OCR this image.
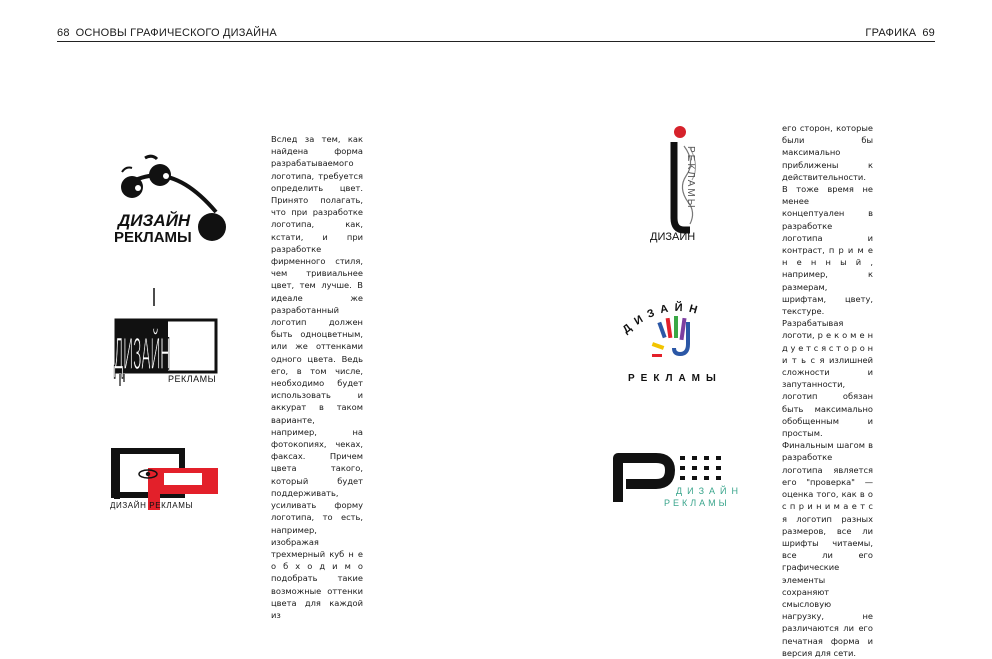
68 ОСНОВЫ ГРАФИЧЕСКОГО ДИЗАЙНА	ГРАФИКА 69
ДИЗАЙН
РЕКЛАМЫ
ДИЗАЙН
РЕКЛАМЫ
ДИЗАЙН РЕКЛАМЫ
РЕКЛАМЫ
ДИЗАЙН
ДИЗАЙН
РЕКЛАМЫ
ДИЗАЙН
РЕКЛАМЫ

Вслед за тем, как найдена форма разрабатываемого логотипа, требуется определить цвет. Принято полагать, что при разработке логотипа, как, кстати, и при разработке фирменного стиля, чем тривиальнее цвет, тем лучше. В идеале же разработанный логотип должен быть одноцветным, или же оттенками одного цвета. Ведь его, в том числе, необходимо будет использовать и аккурат в таком варианте, например, на фотокопиях, чеках, факсах. Причем цвета такого, который будет поддерживать, усиливать форму логотипа, то есть, например, изображая трехмерный куб н е о б х о д и м о подобрать такие возможные оттенки цвета для каждой из

его сторон, которые были бы максимально приближены к действительности. В тоже время не менее концептуален в разработке логотипа и контраст, п р и м е н е н н ы й , например, к размерам, шрифтам, цвету, текстуре. Разрабатывая логоти, р е к о м е н д у е т с я с т о р о н и т ь с я излишней сложности и запутанности, логотип обязан быть максимально обобщенным и простым. Финальным шагом в разработке логотипа является его "проверка" — оценка того, как в о с п р и н и м а е т с я логотип разных размеров, все ли шрифты читаемы, все ли его графические элементы сохраняют смысловую нагрузку, не различаются ли его печатная форма и версия для сети.
